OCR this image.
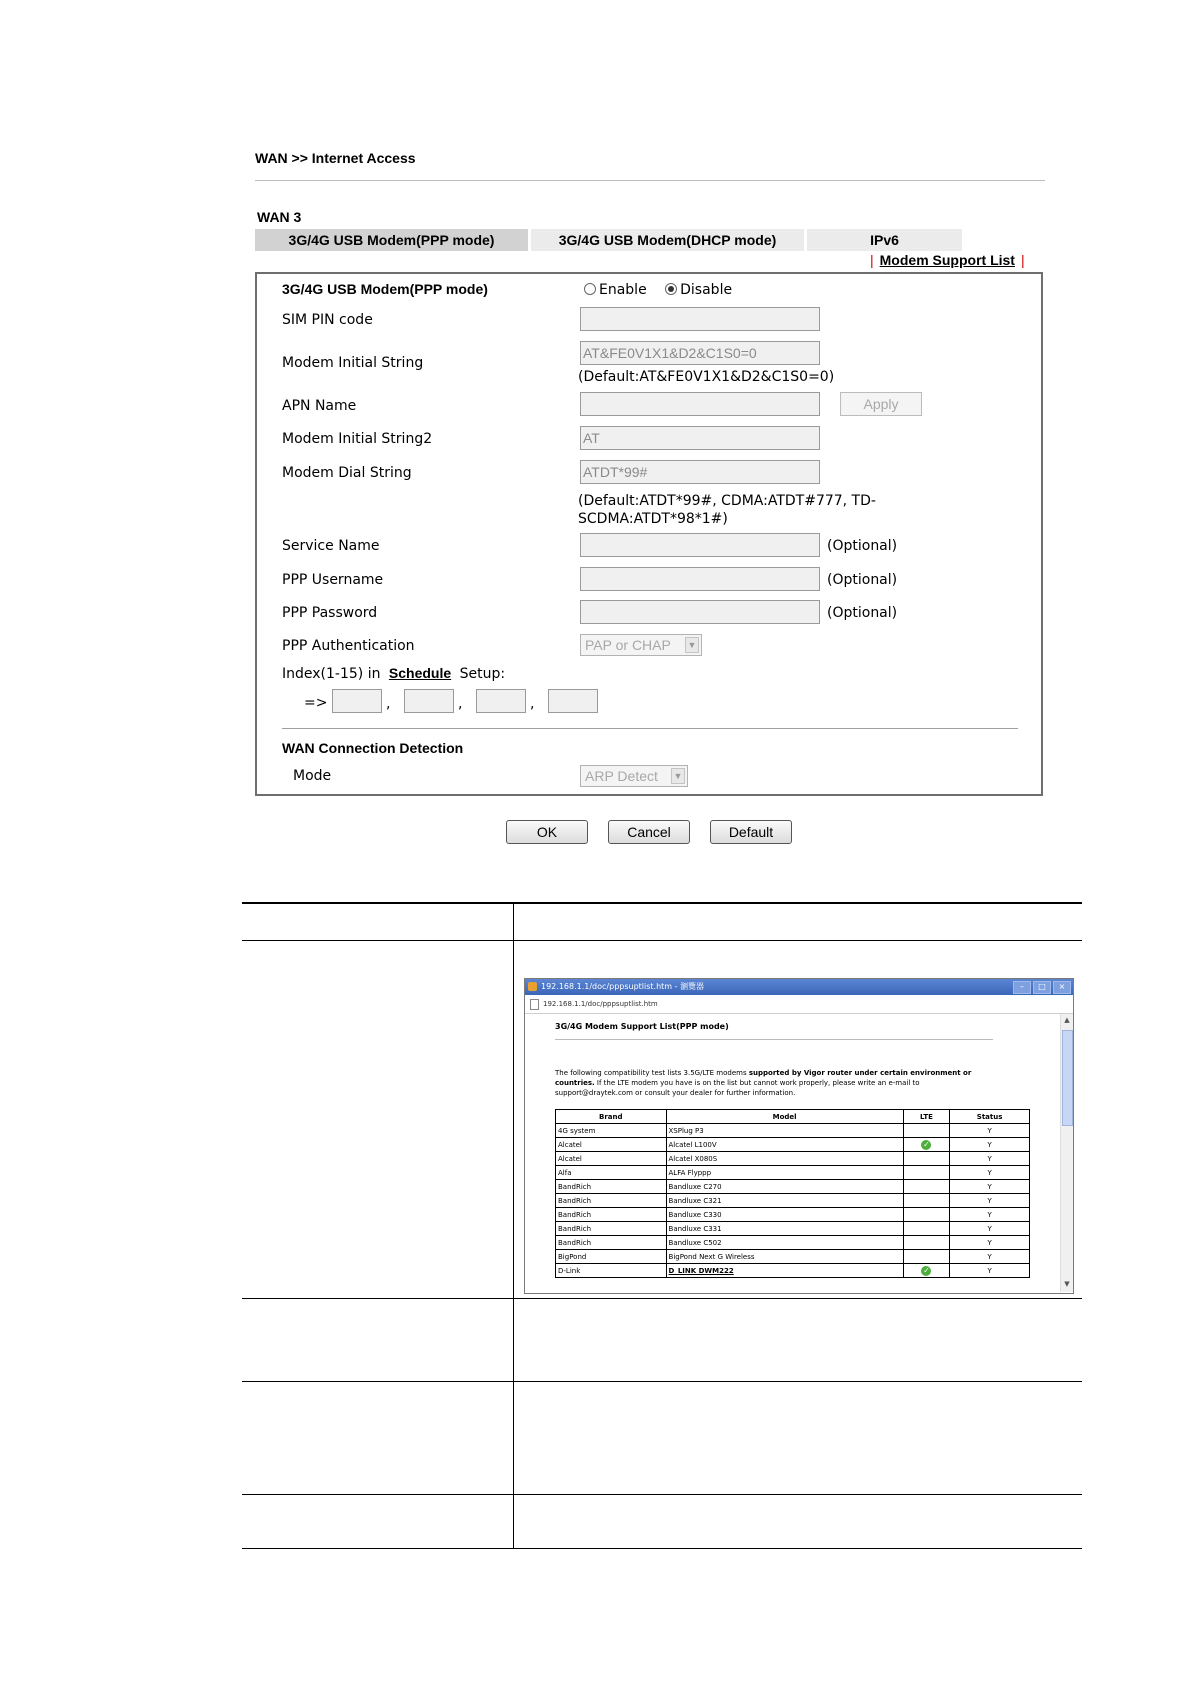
WAN >> Internet Access
WAN 3
3G/4G USB Modem(PPP mode)	3G/4G USB Modem(DHCP mode)	IPv6
| Modem Support List |
3G/4G USB Modem(PPP mode)	Enable Disable
SIM PIN code
Modem Initial String
AT&FE0V1X1&D2&C1S0=0
(Default:AT&FE0V1X1&D2&C1S0=0)
APN Name	Apply
Modem Initial String2	AT
Modem Dial String	ATDT*99#
(Default:ATDT*99#, CDMA:ATDT#777, TD-
SCDMA:ATDT*98*1#)
Service Name	(Optional)
PPP Username	(Optional)
PPP Password	(Optional)
PPP Authentication	PAP or CHAP ▼
Index(1-15) in Schedule Setup:
=>	,	,	,
WAN Connection Detection
Mode	ARP Detect ▼
OK	Cancel	Default
192.168.1.1/doc/pppsuptlist.htm - 瀏覽器	–	□	×
192.168.1.1/doc/pppsuptlist.htm
3G/4G Modem Support List(PPP mode)
The following compatibility test lists 3.5G/LTE modems supported by Vigor router under certain environment or countries. If the LTE modem you have is on the list but cannot work properly, please write an e-mail to support@draytek.com or consult your dealer for further information.
Brand	Model	LTE	Status
4G system	XSPlug P3		Y
Alcatel	Alcatel L100V	✓	Y
Alcatel	Alcatel X080S		Y
Alfa	ALFA Flyppp		Y
BandRich	Bandluxe C270		Y
BandRich	Bandluxe C321		Y
BandRich	Bandluxe C330		Y
BandRich	Bandluxe C331		Y
BandRich	Bandluxe C502		Y
BigPond	BigPond Next G Wireless		Y
D-Link	D_LINK DWM222	✓	Y
▲
▼
